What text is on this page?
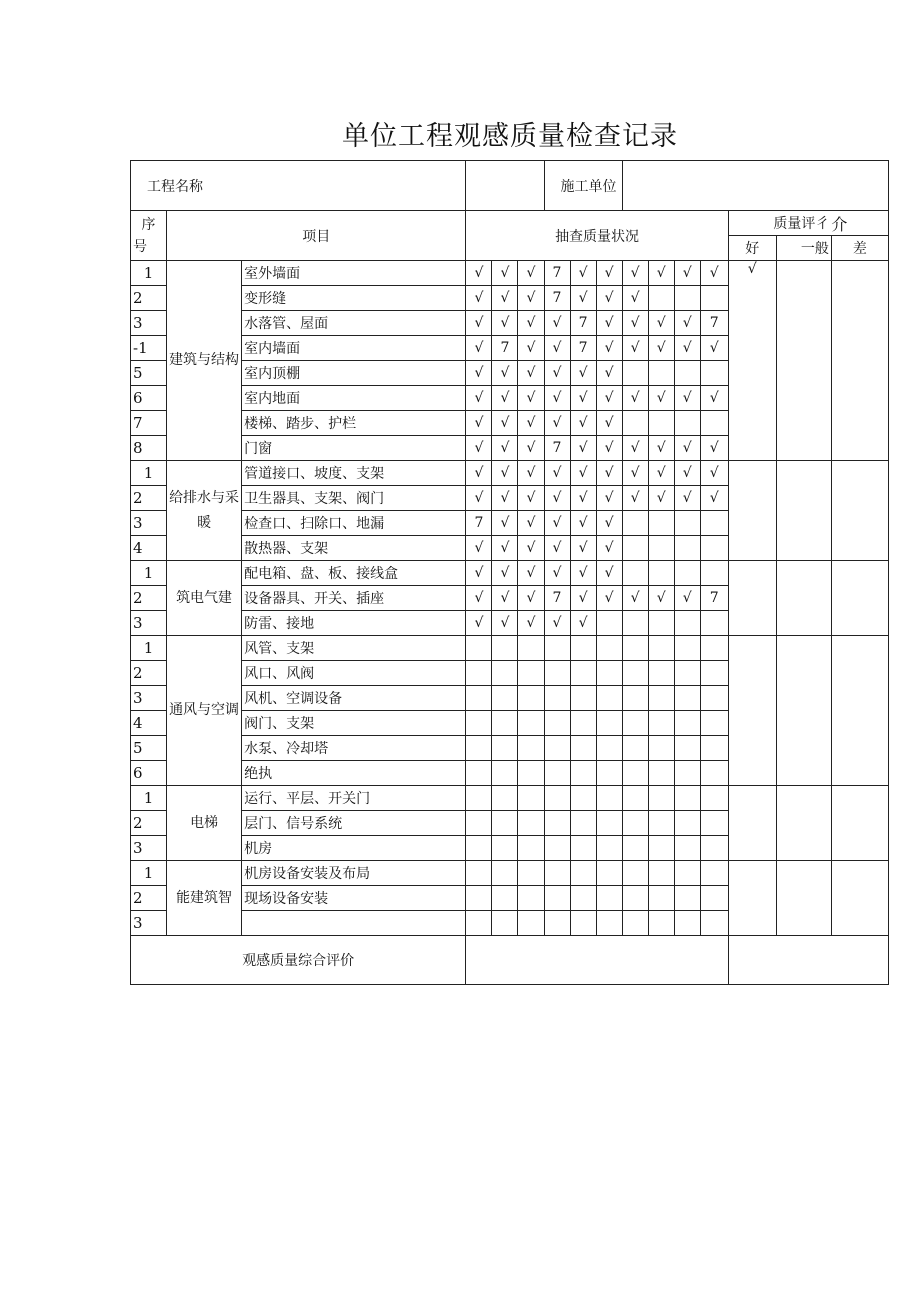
单位工程观感质量检查记录
工程名称						施工单位									
序

号	项目		抽查质量状况										质量评彳		介
													好	一般	差
1	建筑与结构	室外墙面	√	√	√	7	√	√	√	√	√	√	√		
2		变形缝	√	√	√	7	√	√	√						
3		水落管、屋面	√	√	√	√	7	√	√	√	√	7			
-1		室内墙面	√	7	√	√	7	√	√	√	√	√			
5		室内顶棚	√	√	√	√	√	√							
6		室内地面	√	√	√	√	√	√	√	√	√	√			
7		楼梯、踏步、护栏	√	√	√	√	√	√							
8		门窗	√	√	√	7	√	√	√	√	√	√			
1	给排水与采暖	管道接口、坡度、支架	√	√	√	√	√	√	√	√	√	√			
2		卫生器具、支架、阀门	√	√	√	√	√	√	√	√	√	√			
3		检查口、扫除口、地漏	7	√	√	√	√	√							
4		散热器、支架	√	√	√	√	√	√							
1	筑电气建	配电箱、盘、板、接线盒	√	√	√	√	√	√							
2		设备器具、开关、插座	√	√	√	7	√	√	√	√	√	7			
3		防雷、接地	√	√	√	√	√								
1	通风与空调	风管、支架													
2		风口、风阀													
3		风机、空调设备													
4		阀门、支架													
5		水泵、冷却塔													
6		绝执													
1	电梯	运行、平层、开关门													
2		层门、信号系统													
3		机房													
1	能建筑智	机房设备安装及布局													
2		现场设备安装													
3															
观感质量综合评价															
